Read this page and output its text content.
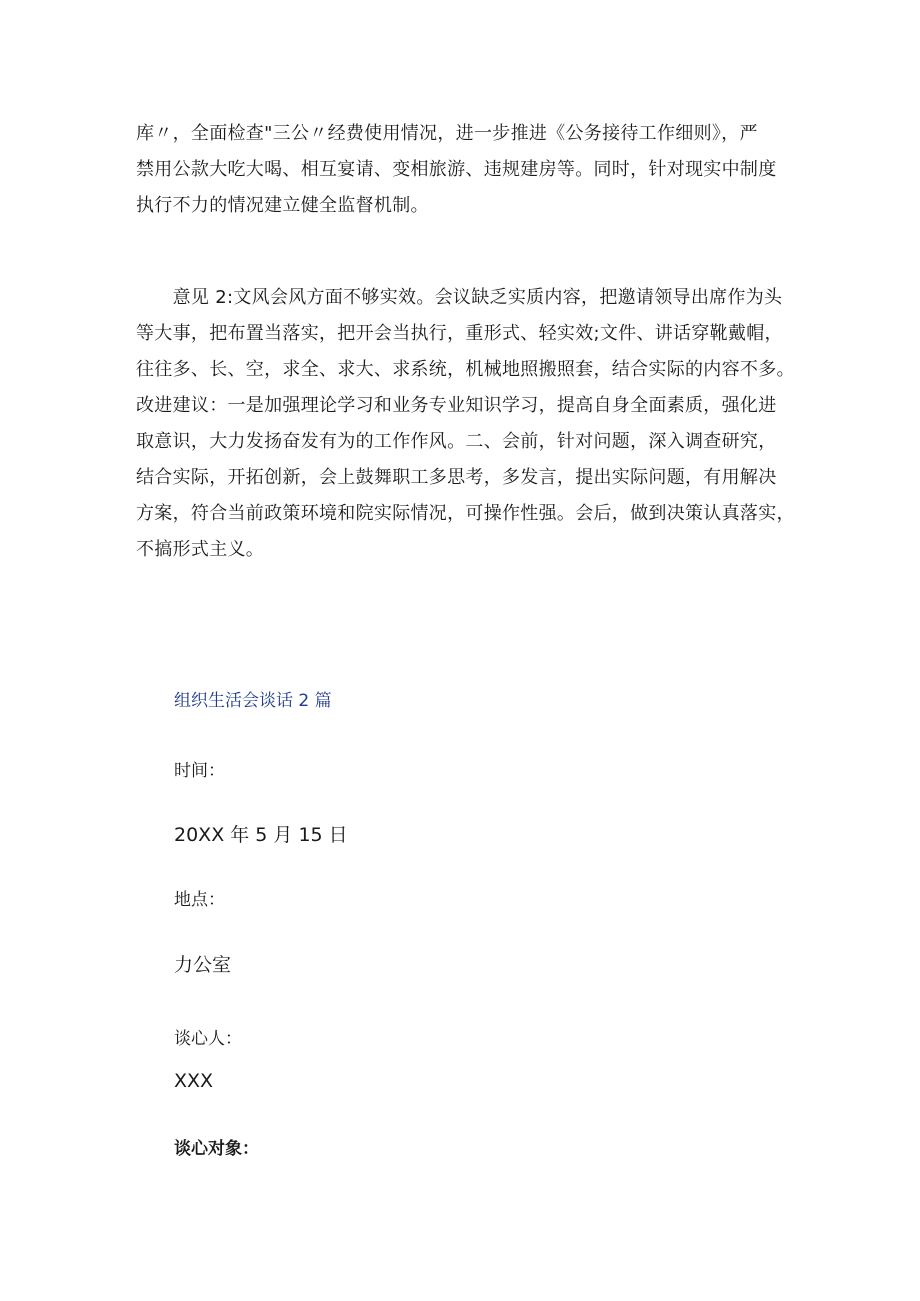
库〃，全面检查"三公〃经费使用情况，进一步推进《公务接待工作细则》，严
禁用公款大吃大喝、相互宴请、变相旅游、违规建房等。同时，针对现实中制度
执行不力的情况建立健全监督机制。
　　意见 2:文风会风方面不够实效。会议缺乏实质内容，把邀请领导出席作为头
等大事，把布置当落实，把开会当执行，重形式、轻实效;文件、讲话穿靴戴帽，
往往多、长、空，求全、求大、求系统，机械地照搬照套，结合实际的内容不多。
改进建议：一是加强理论学习和业务专业知识学习，提高自身全面素质，强化进
取意识，大力发扬奋发有为的工作作风。二、会前，针对问题，深入调查研究，
结合实际，开拓创新，会上鼓舞职工多思考，多发言，提出实际问题，有用解决
方案，符合当前政策环境和院实际情况，可操作性强。会后，做到决策认真落实，
不搞形式主义。
组织生活会谈话 2 篇

时间：

20XX 年 5 月 15 日

地点：

力公室

谈心人：

XXX

谈心对象：
